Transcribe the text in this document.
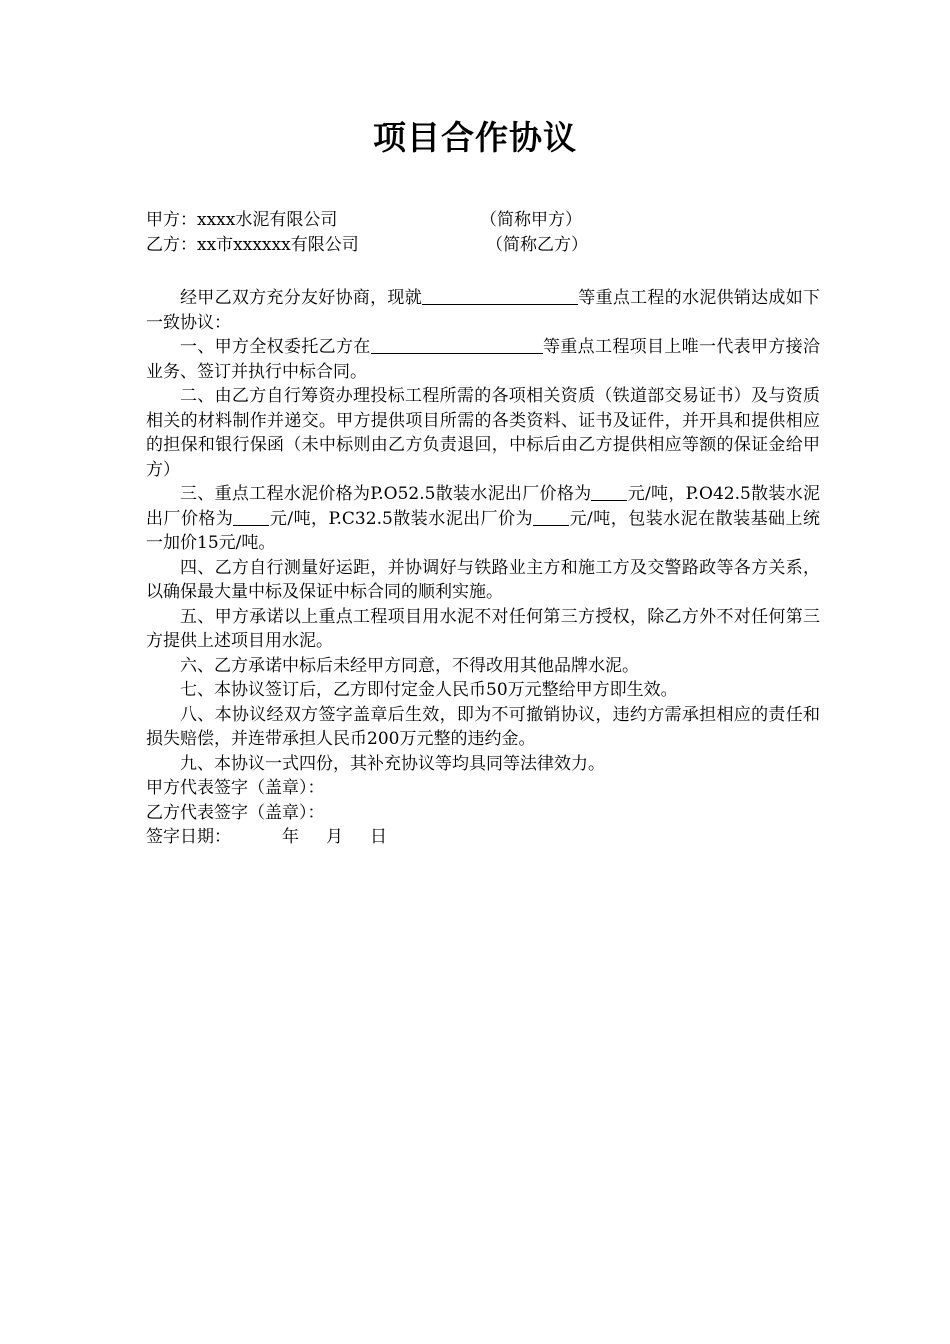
项目合作协议
甲方：xxxx水泥有限公司	（简称甲方）
乙方：xx市xxxxxx有限公司	（简称乙方）

经甲乙双方充分友好协商，现就	等重点工程的水泥供销达成如下一致协议：

一、甲方全权委托乙方在	等重点工程项目上唯一代表甲方接洽业务、签订并执行中标合同。

二、由乙方自行筹资办理投标工程所需的各项相关资质（铁道部交易证书）及与资质相关的材料制作并递交。甲方提供项目所需的各类资料、证书及证件，并开具和提供相应的担保和银行保函（未中标则由乙方负责退回，中标后由乙方提供相应等额的保证金给甲方）

三、重点工程水泥价格为P.O52.5散装水泥出厂价格为 元/吨，P.O42.5散装水泥出厂价格为 元/吨，P.C32.5散装水泥出厂价为 元/吨，包装水泥在散装基础上统一加价15元/吨。

四、乙方自行测量好运距，并协调好与铁路业主方和施工方及交警路政等各方关系，以确保最大量中标及保证中标合同的顺利实施。

五、甲方承诺以上重点工程项目用水泥不对任何第三方授权，除乙方外不对任何第三方提供上述项目用水泥。

六、乙方承诺中标后未经甲方同意，不得改用其他品牌水泥。

七、本协议签订后，乙方即付定金人民币50万元整给甲方即生效。

八、本协议经双方签字盖章后生效，即为不可撤销协议，违约方需承担相应的责任和损失赔偿，并连带承担人民币200万元整的违约金。

九、本协议一式四份，其补充协议等均具同等法律效力。

甲方代表签字（盖章）：
乙方代表签字（盖章）：
签字日期：	年 月 日
